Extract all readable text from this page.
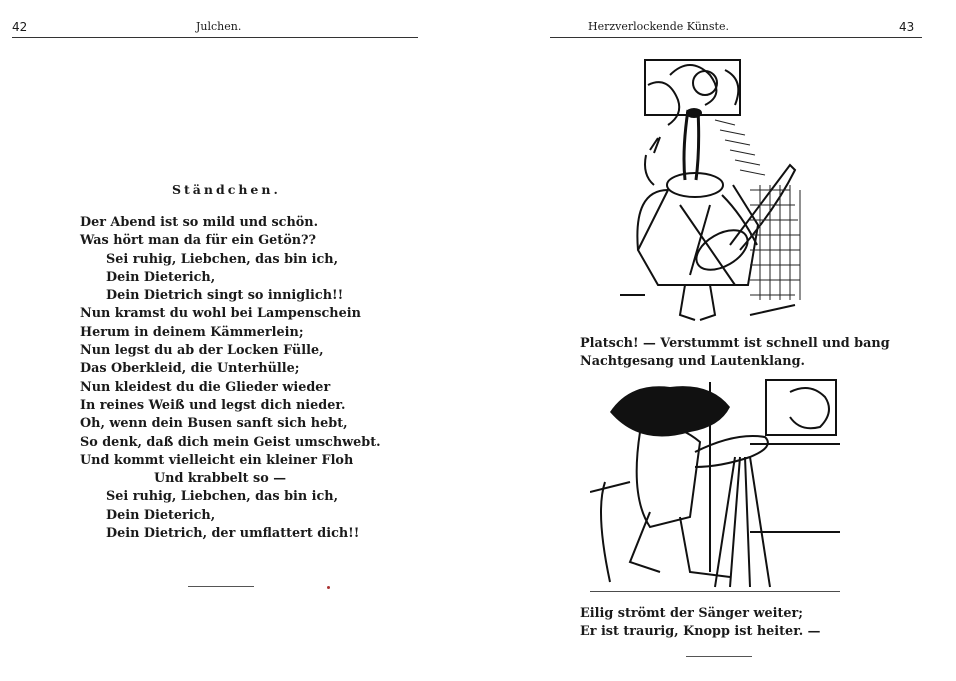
42	Julchen.
Ständchen.
Der Abend ist so mild und schön.
Was hört man da für ein Getön??
Sei ruhig, Liebchen, das bin ich,
Dein Dieterich,
Dein Dietrich singt so inniglich!!
Nun kramst du wohl bei Lampenschein
Herum in deinem Kämmerlein;
Nun legst du ab der Locken Fülle,
Das Oberkleid, die Unterhülle;
Nun kleidest du die Glieder wieder
In reines Weiß und legst dich nieder.
Oh, wenn dein Busen sanft sich hebt,
So denk, daß dich mein Geist umschwebt.
Und kommt vielleicht ein kleiner Floh
Und krabbelt so —
Sei ruhig, Liebchen, das bin ich,
Dein Dieterich,
Dein Dietrich, der umflattert dich!!
Herzverlockende Künste.	43
Platsch! — Verstummt ist schnell und bang
Nachtgesang und Lautenklang.
Eilig strömt der Sänger weiter;
Er ist traurig, Knopp ist heiter. —
